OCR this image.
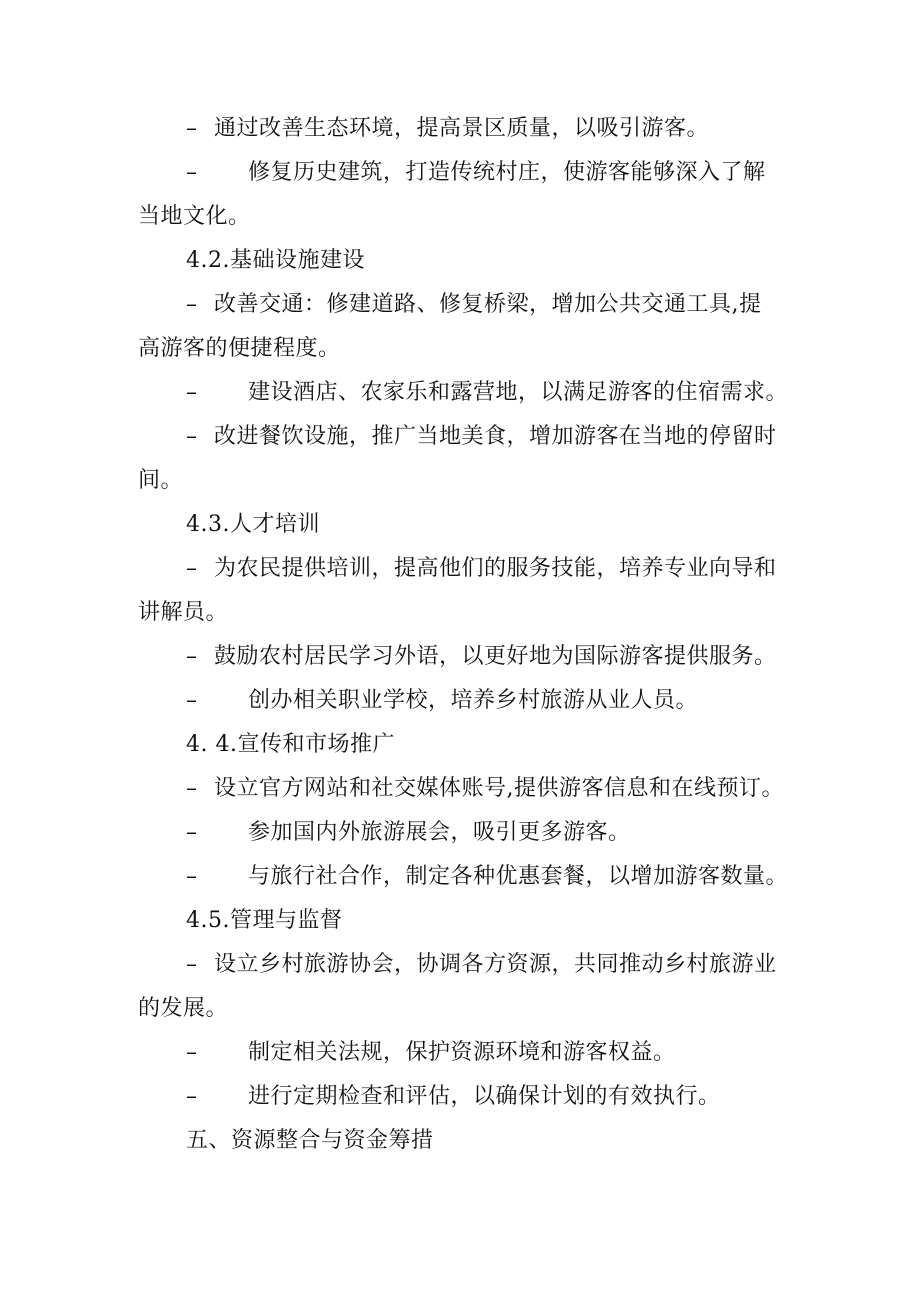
– 通过改善生态环境，提高景区质量，以吸引游客。
– 修复历史建筑，打造传统村庄，使游客能够深入了解
当地文化。
4.2.基础设施建设
– 改善交通：修建道路、修复桥梁，增加公共交通工具,提
高游客的便捷程度。
– 建设酒店、农家乐和露营地，以满足游客的住宿需求。
– 改进餐饮设施，推广当地美食，增加游客在当地的停留时
间。
4.3.人才培训
– 为农民提供培训，提高他们的服务技能，培养专业向导和
讲解员。
– 鼓励农村居民学习外语，以更好地为国际游客提供服务。
– 创办相关职业学校，培养乡村旅游从业人员。
4. 4.宣传和市场推广
– 设立官方网站和社交媒体账号,提供游客信息和在线预订。
– 参加国内外旅游展会，吸引更多游客。
– 与旅行社合作，制定各种优惠套餐，以增加游客数量。
4.5.管理与监督
– 设立乡村旅游协会，协调各方资源，共同推动乡村旅游业
的发展。
– 制定相关法规，保护资源环境和游客权益。
– 进行定期检查和评估，以确保计划的有效执行。
五、资源整合与资金筹措
